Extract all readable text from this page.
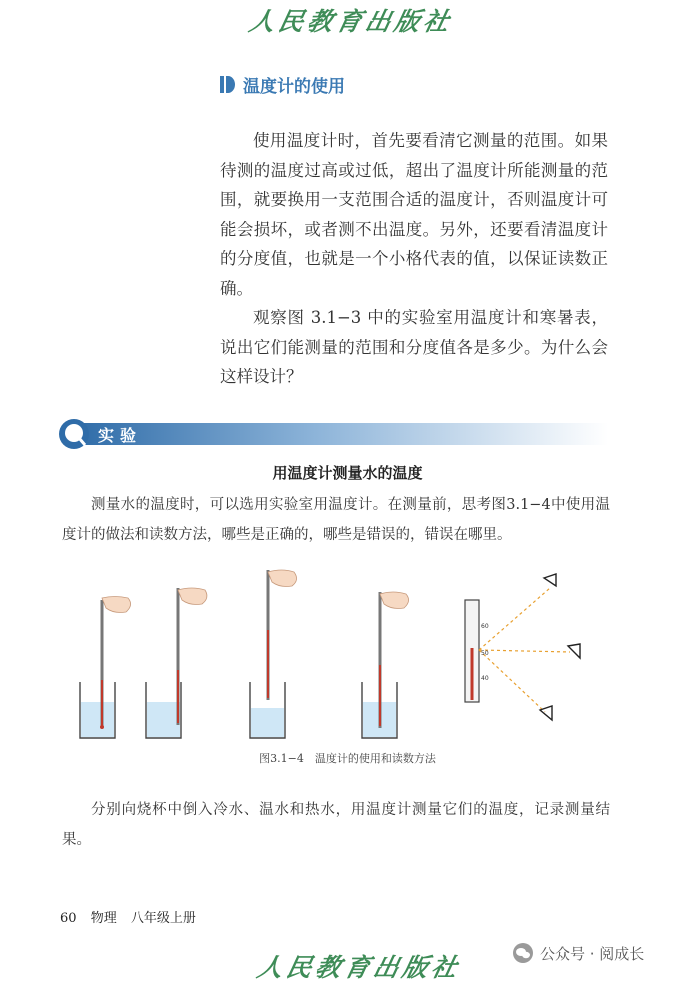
人民教育出版社
温度计的使用

使用温度计时，首先要看清它测量的范围。如果待测的温度过高或过低，超出了温度计所能测量的范围，就要换用一支范围合适的温度计，否则温度计可能会损坏，或者测不出温度。另外，还要看清温度计的分度值，也就是一个小格代表的值，以保证读数正确。

观察图 3.1−3 中的实验室用温度计和寒暑表，说出它们能测量的范围和分度值各是多少。为什么会这样设计？

实验
用温度计测量水的温度

测量水的温度时，可以选用实验室用温度计。在测量前，思考图3.1−4中使用温度计的做法和读数方法，哪些是正确的，哪些是错误的，错误在哪里。

60
50
40
图3.1−4　温度计的使用和读数方法

分别向烧杯中倒入冷水、温水和热水，用温度计测量它们的温度，记录测量结果。

60 物理 八年级上册
人民教育出版社	公众号 · 阅成长
